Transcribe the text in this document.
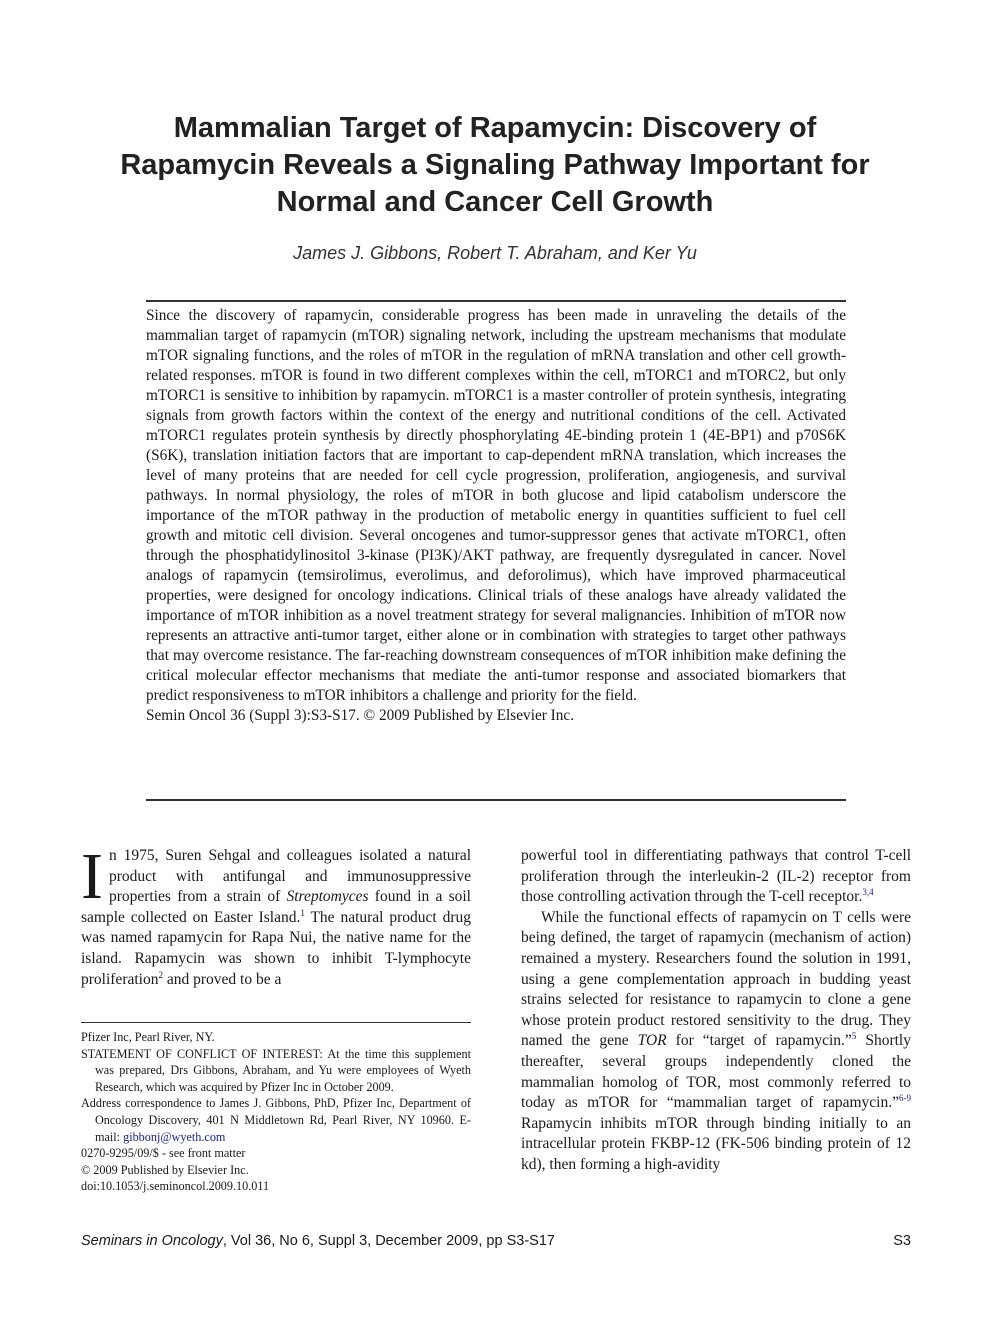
Mammalian Target of Rapamycin: Discovery of Rapamycin Reveals a Signaling Pathway Important for Normal and Cancer Cell Growth
James J. Gibbons, Robert T. Abraham, and Ker Yu

Since the discovery of rapamycin, considerable progress has been made in unraveling the details of the mammalian target of rapamycin (mTOR) signaling network, including the upstream mechanisms that modulate mTOR signaling functions, and the roles of mTOR in the regulation of mRNA translation and other cell growth-related responses. mTOR is found in two different complexes within the cell, mTORC1 and mTORC2, but only mTORC1 is sensitive to inhibition by rapamycin. mTORC1 is a master controller of protein synthesis, integrating signals from growth factors within the context of the energy and nutritional conditions of the cell. Activated mTORC1 regulates protein synthesis by directly phosphorylating 4E-binding protein 1 (4E-BP1) and p70S6K (S6K), translation initiation factors that are important to cap-dependent mRNA translation, which increases the level of many proteins that are needed for cell cycle progression, proliferation, angiogenesis, and survival pathways. In normal physiology, the roles of mTOR in both glucose and lipid catabolism underscore the importance of the mTOR pathway in the production of metabolic energy in quantities sufficient to fuel cell growth and mitotic cell division. Several oncogenes and tumor-suppressor genes that activate mTORC1, often through the phosphatidylinositol 3-kinase (PI3K)/AKT pathway, are frequently dysregulated in cancer. Novel analogs of rapamycin (temsirolimus, everolimus, and deforolimus), which have improved pharmaceutical properties, were designed for oncology indications. Clinical trials of these analogs have already validated the importance of mTOR inhibition as a novel treatment strategy for several malignancies. Inhibition of mTOR now represents an attractive anti-tumor target, either alone or in combination with strategies to target other pathways that may overcome resistance. The far-reaching downstream consequences of mTOR inhibition make defining the critical molecular effector mechanisms that mediate the anti-tumor response and associated biomarkers that predict responsiveness to mTOR inhibitors a challenge and priority for the field.

Semin Oncol 36 (Suppl 3):S3-S17. © 2009 Published by Elsevier Inc.

In 1975, Suren Sehgal and colleagues isolated a natural product with antifungal and immunosuppressive properties from a strain of Streptomyces found in a soil sample collected on Easter Island.$^1$ The natural product drug was named rapamycin for Rapa Nui, the native name for the island. Rapamycin was shown to inhibit T-lymphocyte proliferation$^2$ and proved to be a

Pfizer Inc, Pearl River, NY.

STATEMENT OF CONFLICT OF INTEREST: At the time this supplement was prepared, Drs Gibbons, Abraham, and Yu were employees of Wyeth Research, which was acquired by Pfizer Inc in October 2009.

Address correspondence to James J. Gibbons, PhD, Pfizer Inc, Department of Oncology Discovery, 401 N Middletown Rd, Pearl River, NY 10960. E-mail: gibbonj@wyeth.com

0270-9295/09/$ - see front matter

© 2009 Published by Elsevier Inc.

doi:10.1053/j.seminoncol.2009.10.011

powerful tool in differentiating pathways that control T-cell proliferation through the interleukin-2 (IL-2) receptor from those controlling activation through the T-cell receptor.$^{3,4}$

While the functional effects of rapamycin on T cells were being defined, the target of rapamycin (mechanism of action) remained a mystery. Researchers found the solution in 1991, using a gene complementation approach in budding yeast strains selected for resistance to rapamycin to clone a gene whose protein product restored sensitivity to the drug. They named the gene TOR for “target of rapamycin.”$^5$ Shortly thereafter, several groups independently cloned the mammalian homolog of TOR, most commonly referred to today as mTOR for “mammalian target of rapamycin.”$^{6-9}$ Rapamycin inhibits mTOR through binding initially to an intracellular protein FKBP-12 (FK-506 binding protein of 12 kd), then forming a high-avidity

Seminars in Oncology, Vol 36, No 6, Suppl 3, December 2009, pp S3-S17	S3
